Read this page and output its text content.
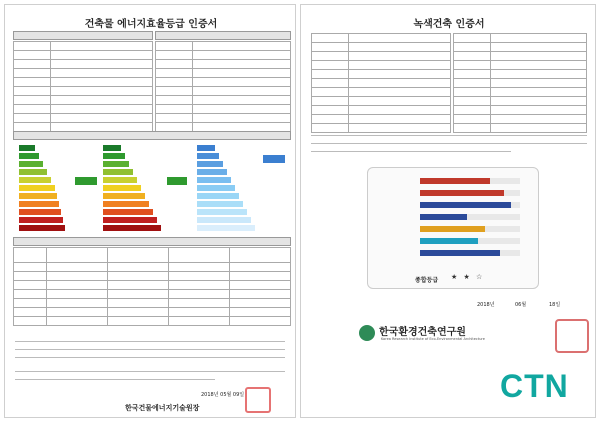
건축물 에너지효율등급 인증서

2018년 05월 09일
한국건물에너지기술원장
녹색건축 인증서

종합등급 ★ ★ ☆
2018년	06월	18일
한국환경건축연구원
Korea Research Institute of Eco-Environmental Architecture
CTN
